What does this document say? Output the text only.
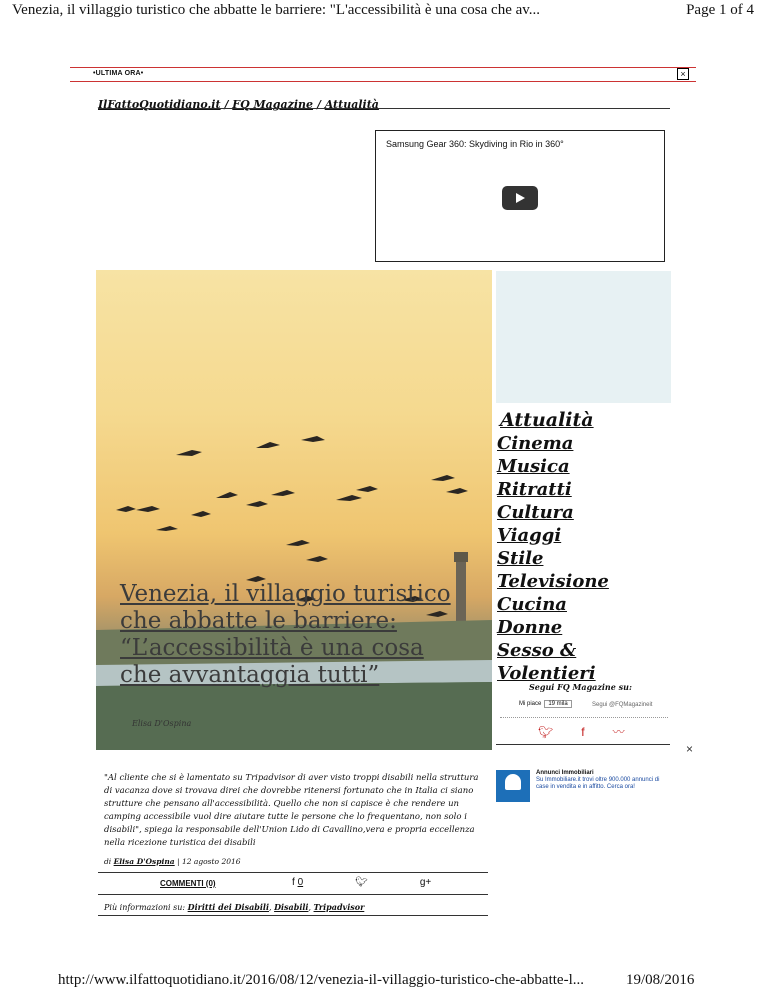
Venezia, il villaggio turistico che abbatte le barriere: "L'accessibilità è una cosa che av...	Page 1 of 4
•ULTIMA ORA•	×
IlFattoQuotidiano.it / FQ Magazine / Attualità
Samsung Gear 360: Skydiving in Rio in 360°
Venezia, il villaggio turistico che abbatte le barriere: “L’accessibilità è una cosa che avvantaggia tutti”
Elisa D'Ospina
Attualità
Cinema
Musica
Ritratti
Cultura
Viaggi
Stile
Televisione
Cucina
Donne
Sesso & Volentieri
Segui FQ Magazine su:
Mi piace 19 mila	Segui @FQMagazineit
🐦︎ f 〰
×
Annunci Immobiliari
Su Immobiliare.it trovi oltre 900.000 annunci di case in vendita e in affitto. Cerca ora!
"Al cliente che si è lamentato su Tripadvisor di aver visto troppi disabili nella struttura di vacanza dove si trovava direi che dovrebbe ritenersi fortunato che in Italia ci siano strutture che pensano all'accessibilità. Quello che non si capisce è che rendere un camping accessibile vuol dire aiutare tutte le persone che lo frequentano, non solo i disabili", spiega la responsabile dell'Union Lido di Cavallino,vera e propria eccellenza nella ricezione turistica dei disabili
di Elisa D'Ospina | 12 agosto 2016
COMMENTI (0)	f 0	🐦︎	g+
Più informazioni su: Diritti dei Disabili, Disabili, Tripadvisor
http://www.ilfattoquotidiano.it/2016/08/12/venezia-il-villaggio-turistico-che-abbatte-l...	19/08/2016
